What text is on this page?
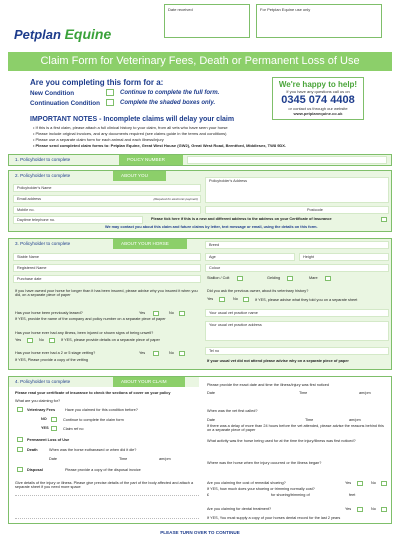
Petplan Equine
Date received	For Petplan Equine use only
Claim Form for Veterinary Fees, Death or Permanent Loss of Use
Are you completing this form for a:
New Condition	Continue to complete the full form.
Continuation Condition	Complete the shaded boxes only.
We're happy to help!
If you have any questions call us on
0345 074 4408
or contact us through our website
www.petplanequine.co.uk
IMPORTANT NOTES - Incomplete claims will delay your claim
• If this is a first claim, please attach a full clinical history to your claim, from all vets who have seen your horse
• Please include original invoices, and any documents required (see claims guide in the terms and conditions)
• Please use a separate claim form for each animal and each illness/injury
• Please send completed claim forms to: Petplan Equine, Great West House (GW2), Great West Road, Brentford, Middlesex, TW8 9DX.
1. Policyholder to complete	POLICY NUMBER
2. Policyholder to complete	ABOUT YOU
Policyholder's Name
Policyholder's Address
Email address	(Required for electronic payment)
Mobile no.	Postcode
Daytime telephone no.	Please tick here if this is a new and different address to the address on your Certificate of Insurance
We may contact you about this claim and future claims by letter, text message or email, using the details on this form.
3. Policyholder to complete	ABOUT YOUR HORSE	Breed
Stable Name	Age	Height
Registered Name	Colour
Purchase date	Stallion / Colt	Gelding	Mare
If you have owned your horse for longer than it has been insured, please advise why you insured it when you did, on a separate piece of paper
Did you ask the previous owner, about its veterinary history?
Yes	No	If YES, please advise what they told you on a separate sheet
Has your horse been previously leased?	Yes	No
If YES, provide the name of the company and policy number on a separate piece of paper
Your usual vet practice name
Your usual vet practice address
Has your horse ever had any illness, been injured or shown signs of being unwell?
Yes	No	If YES, please provide details on a separate piece of paper
Has your horse ever had a 2 or 5 stage vetting?	Yes	No
If YES, Please provide a copy of the vetting
Tel no
If your usual vet did not attend please advise why on a separate piece of paper
4. Policyholder to complete	ABOUT YOUR CLAIM
Please read your certificate of insurance to check the sections of cover on your policy
What are you claiming for?
Veterinary Fees	Have you claimed for this condition before?
NO	Continue to complete the claim form
YES	Claim ref no
Permanent Loss of Use
Death	When was the horse euthanased or when did it die?
Date	Time	am/pm
Disposal	Please provide a copy of the disposal invoice
Give details of the injury or illness. Please give precise details of the part of the body affected and attach a separate sheet if you need more space
Please provide the exact date and time the illness/injury was first noticed
Date	Time	am/pm
When was the vet first called?
Date	Time	am/pm
If there was a delay of more than 24 hours before the vet attended, please advise the reasons behind this on a separate piece of paper
What activity was the horse being used for at the time the injury/illness was first noticed?
Where was the horse when the injury occurred or the illness began?
Are you claiming the cost of remedial shoeing?	Yes	No
If YES, how much does your shoeing or trimming normally cost?
£	for shoeing/trimming of	feet
Are you claiming for dental treatment?	Yes	No
If YES, You must supply a copy of your horses dental record for the last 2 years
PLEASE TURN OVER TO CONTINUE
